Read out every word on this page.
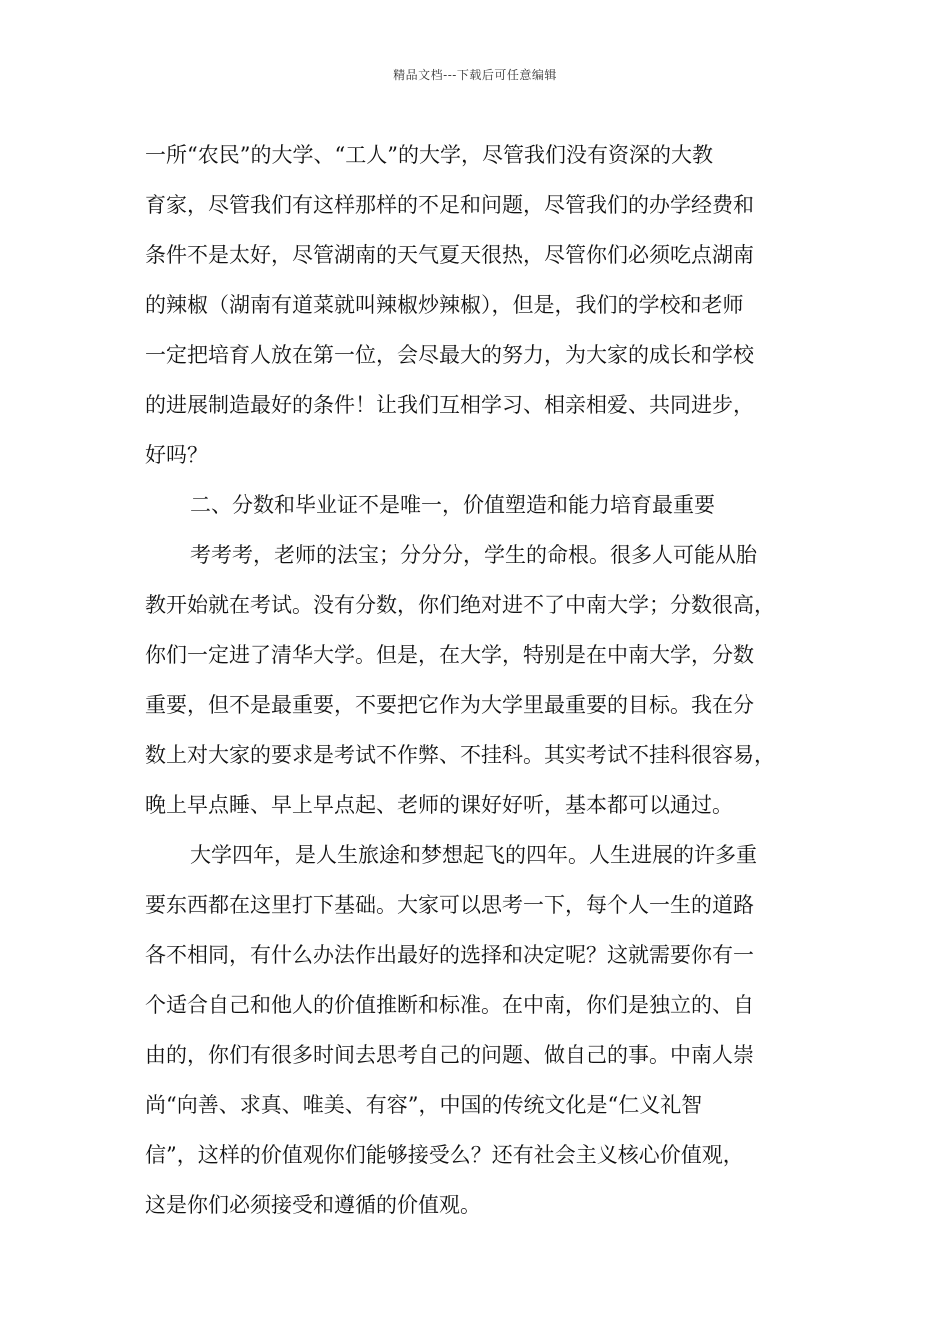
精品文档---下载后可任意编辑
一所“农民”的大学、“工人”的大学，尽管我们没有资深的大教
育家，尽管我们有这样那样的不足和问题，尽管我们的办学经费和
条件不是太好，尽管湖南的天气夏天很热，尽管你们必须吃点湖南
的辣椒（湖南有道菜就叫辣椒炒辣椒），但是，我们的学校和老师
一定把培育人放在第一位，会尽最大的努力，为大家的成长和学校
的进展制造最好的条件！让我们互相学习、相亲相爱、共同进步，
好吗？
二、分数和毕业证不是唯一，价值塑造和能力培育最重要
考考考，老师的法宝；分分分，学生的命根。很多人可能从胎
教开始就在考试。没有分数，你们绝对进不了中南大学；分数很高，
你们一定进了清华大学。但是，在大学，特别是在中南大学，分数
重要，但不是最重要，不要把它作为大学里最重要的目标。我在分
数上对大家的要求是考试不作弊、不挂科。其实考试不挂科很容易，
晚上早点睡、早上早点起、老师的课好好听，基本都可以通过。
大学四年，是人生旅途和梦想起飞的四年。人生进展的许多重
要东西都在这里打下基础。大家可以思考一下，每个人一生的道路
各不相同，有什么办法作出最好的选择和决定呢？这就需要你有一
个适合自己和他人的价值推断和标准。在中南，你们是独立的、自
由的，你们有很多时间去思考自己的问题、做自己的事。中南人崇
尚“向善、求真、唯美、有容”，中国的传统文化是“仁义礼智
信”，这样的价值观你们能够接受么？还有社会主义核心价值观，
这是你们必须接受和遵循的价值观。
